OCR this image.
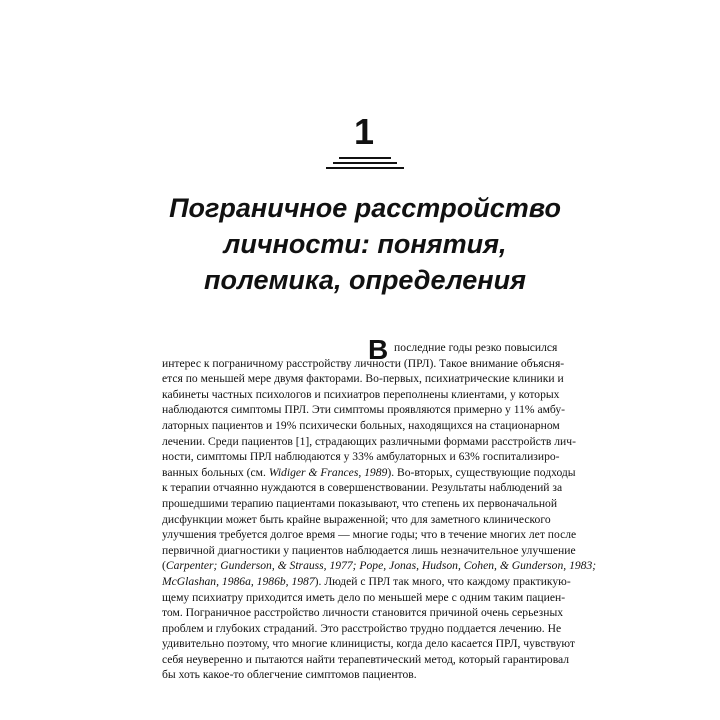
1
Пограничное расстройство
личности: понятия,
полемика, определения
В последние годы резко повысился
интерес к пограничному расстройству личности (ПРЛ). Такое внимание объясня-
ется по меньшей мере двумя факторами. Во-первых, психиатрические клиники и
кабинеты частных психологов и психиатров переполнены клиентами, у которых
наблюдаются симптомы ПРЛ. Эти симптомы проявляются примерно у 11% амбу-
латорных пациентов и 19% психически больных, находящихся на стационарном
лечении. Среди пациентов [1], страдающих различными формами расстройств лич-
ности, симптомы ПРЛ наблюдаются у 33% амбулаторных и 63% госпитализиро-
ванных больных (см. Widiger & Frances, 1989). Во-вторых, существующие подходы
к терапии отчаянно нуждаются в совершенствовании. Результаты наблюдений за
прошедшими терапию пациентами показывают, что степень их первоначальной
дисфункции может быть крайне выраженной; что для заметного клинического
улучшения требуется долгое время — многие годы; что в течение многих лет после
первичной диагностики у пациентов наблюдается лишь незначительное улучшение
(Carpenter; Gunderson, & Strauss, 1977; Pope, Jonas, Hudson, Cohen, & Gunderson, 1983;
McGlashan, 1986a, 1986b, 1987). Людей с ПРЛ так много, что каждому практикую-
щему психиатру приходится иметь дело по меньшей мере с одним таким пациен-
том. Пограничное расстройство личности становится причиной очень серьезных
проблем и глубоких страданий. Это расстройство трудно поддается лечению. Не
удивительно поэтому, что многие клиницисты, когда дело касается ПРЛ, чувствуют
себя неуверенно и пытаются найти терапевтический метод, который гарантировал
бы хоть какое-то облегчение симптомов пациентов.
